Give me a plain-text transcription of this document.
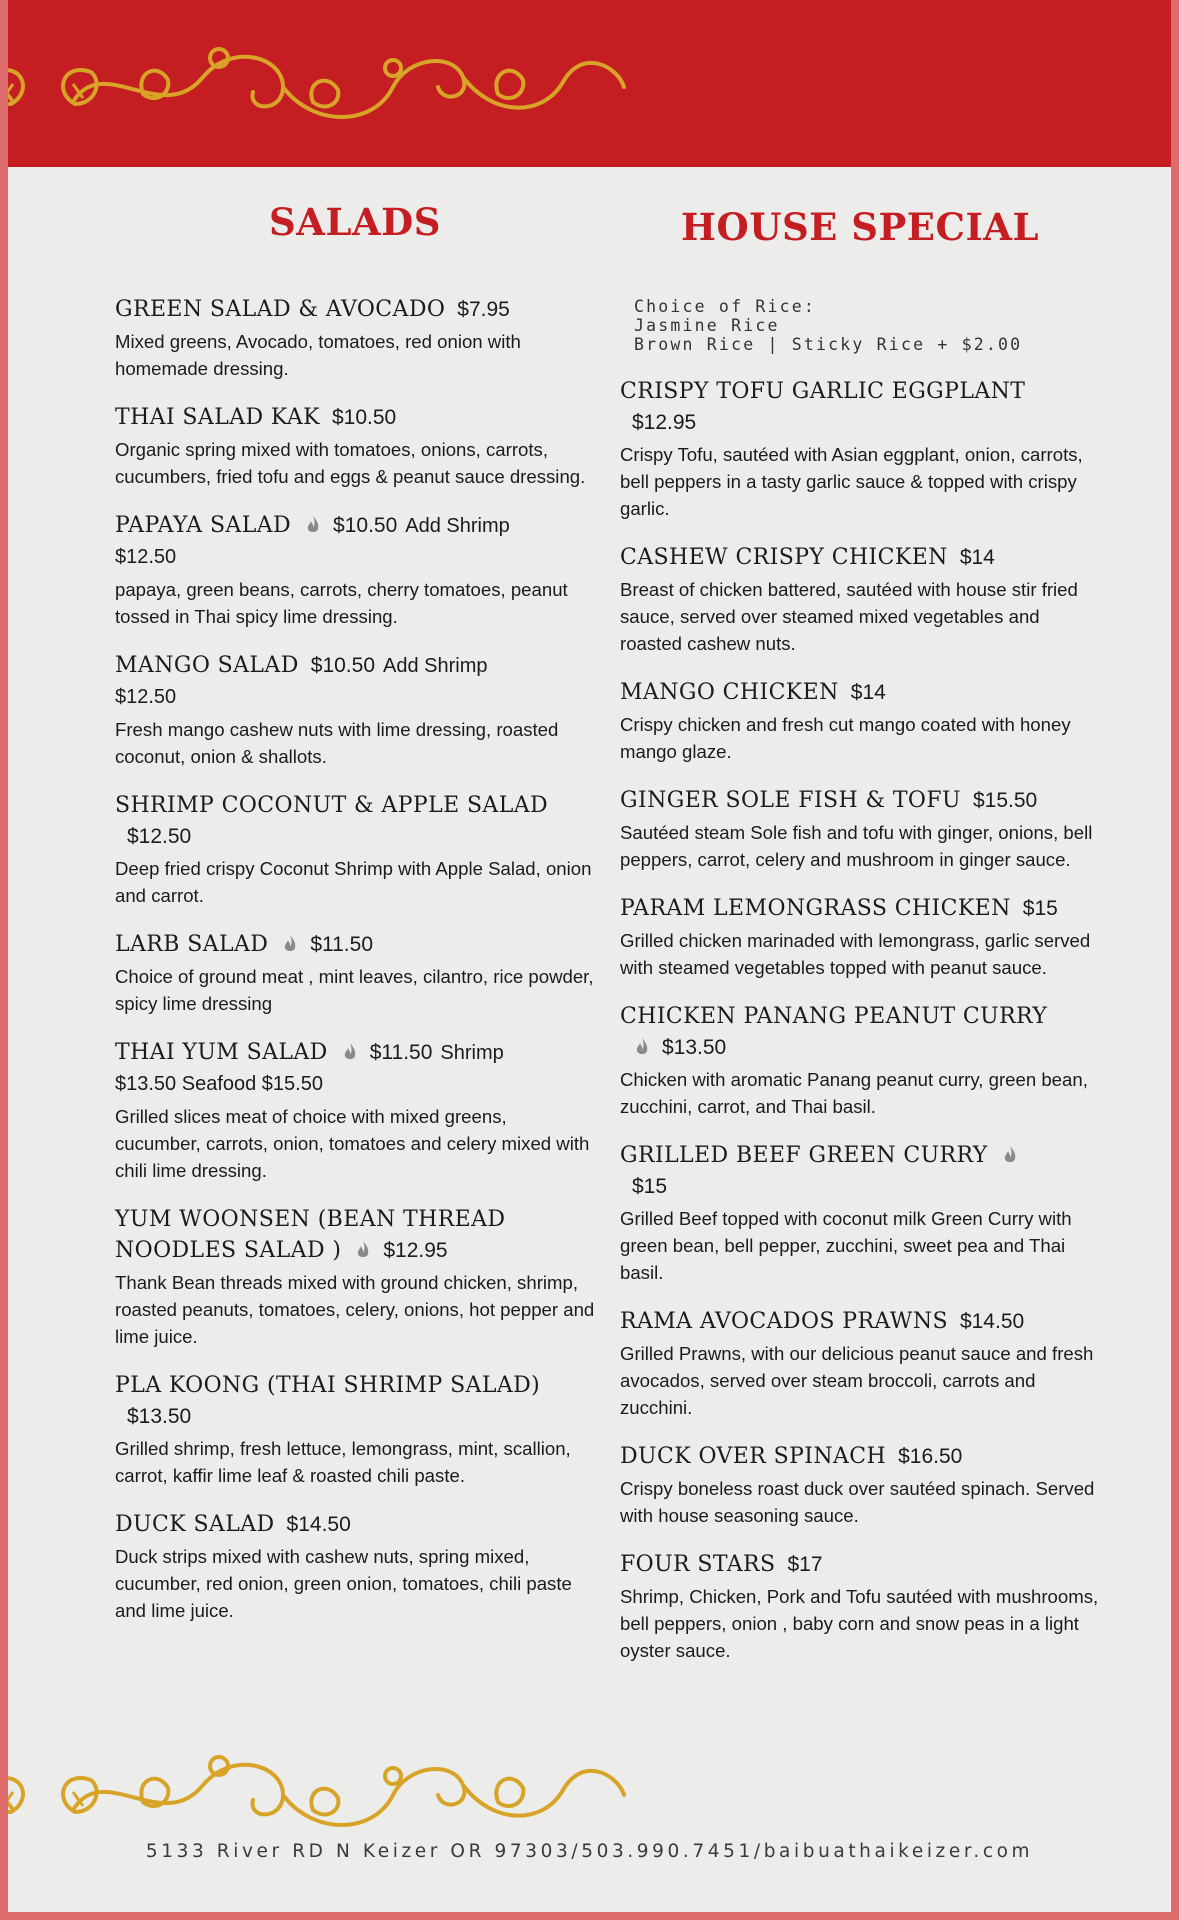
SALADS
GREEN SALAD & AVOCADO $7.95
Mixed greens, Avocado, tomatoes, red onion with homemade dressing.
THAI SALAD KAK $10.50
Organic spring mixed with tomatoes, onions, carrots, cucumbers, fried tofu and eggs & peanut sauce dressing.
PAPAYA SALAD $10.50 Add Shrimp
$12.50
papaya, green beans, carrots, cherry tomatoes, peanut tossed in Thai spicy lime dressing.
MANGO SALAD $10.50 Add Shrimp
$12.50
Fresh mango cashew nuts with lime dressing, roasted coconut, onion & shallots.
SHRIMP COCONUT & APPLE SALAD
$12.50
Deep fried crispy Coconut Shrimp with Apple Salad, onion and carrot.
LARB SALAD $11.50
Choice of ground meat , mint leaves, cilantro, rice powder, spicy lime dressing
THAI YUM SALAD $11.50 Shrimp
$13.50 Seafood $15.50
Grilled slices meat of choice with mixed greens, cucumber, carrots, onion, tomatoes and celery mixed with chili lime dressing.
YUM WOONSEN (BEAN THREAD
NOODLES SALAD ) $12.95
Thank Bean threads mixed with ground chicken, shrimp, roasted peanuts, tomatoes, celery, onions, hot pepper and lime juice.
PLA KOONG (THAI SHRIMP SALAD)
$13.50
Grilled shrimp, fresh lettuce, lemongrass, mint, scallion, carrot, kaffir lime leaf & roasted chili paste.
DUCK SALAD $14.50
Duck strips mixed with cashew nuts, spring mixed, cucumber, red onion, green onion, tomatoes, chili paste and lime juice.
HOUSE SPECIAL
Choice of Rice:
Jasmine Rice
Brown Rice | Sticky Rice + $2.00
CRISPY TOFU GARLIC EGGPLANT
$12.95
Crispy Tofu, sautéed with Asian eggplant, onion, carrots, bell peppers in a tasty garlic sauce & topped with crispy garlic.
CASHEW CRISPY CHICKEN $14
Breast of chicken battered, sautéed with house stir fried sauce, served over steamed mixed vegetables and roasted cashew nuts.
MANGO CHICKEN $14
Crispy chicken and fresh cut mango coated with honey mango glaze.
GINGER SOLE FISH & TOFU $15.50
Sautéed steam Sole fish and tofu with ginger, onions, bell peppers, carrot, celery and mushroom in ginger sauce.
PARAM LEMONGRASS CHICKEN $15
Grilled chicken marinaded with lemongrass, garlic served with steamed vegetables topped with peanut sauce.
CHICKEN PANANG PEANUT CURRY
$13.50
Chicken with aromatic Panang peanut curry, green bean, zucchini, carrot, and Thai basil.
GRILLED BEEF GREEN CURRY
$15
Grilled Beef topped with coconut milk Green Curry with green bean, bell pepper, zucchini, sweet pea and Thai basil.
RAMA AVOCADOS PRAWNS $14.50
Grilled Prawns, with our delicious peanut sauce and fresh avocados, served over steam broccoli, carrots and zucchini.
DUCK OVER SPINACH $16.50
Crispy boneless roast duck over sautéed spinach. Served with house seasoning sauce.
FOUR STARS $17
Shrimp, Chicken, Pork and Tofu sautéed with mushrooms, bell peppers, onion , baby corn and snow peas in a light oyster sauce.
5133 River RD N Keizer OR 97303/503.990.7451/baibuathaikeizer.com
